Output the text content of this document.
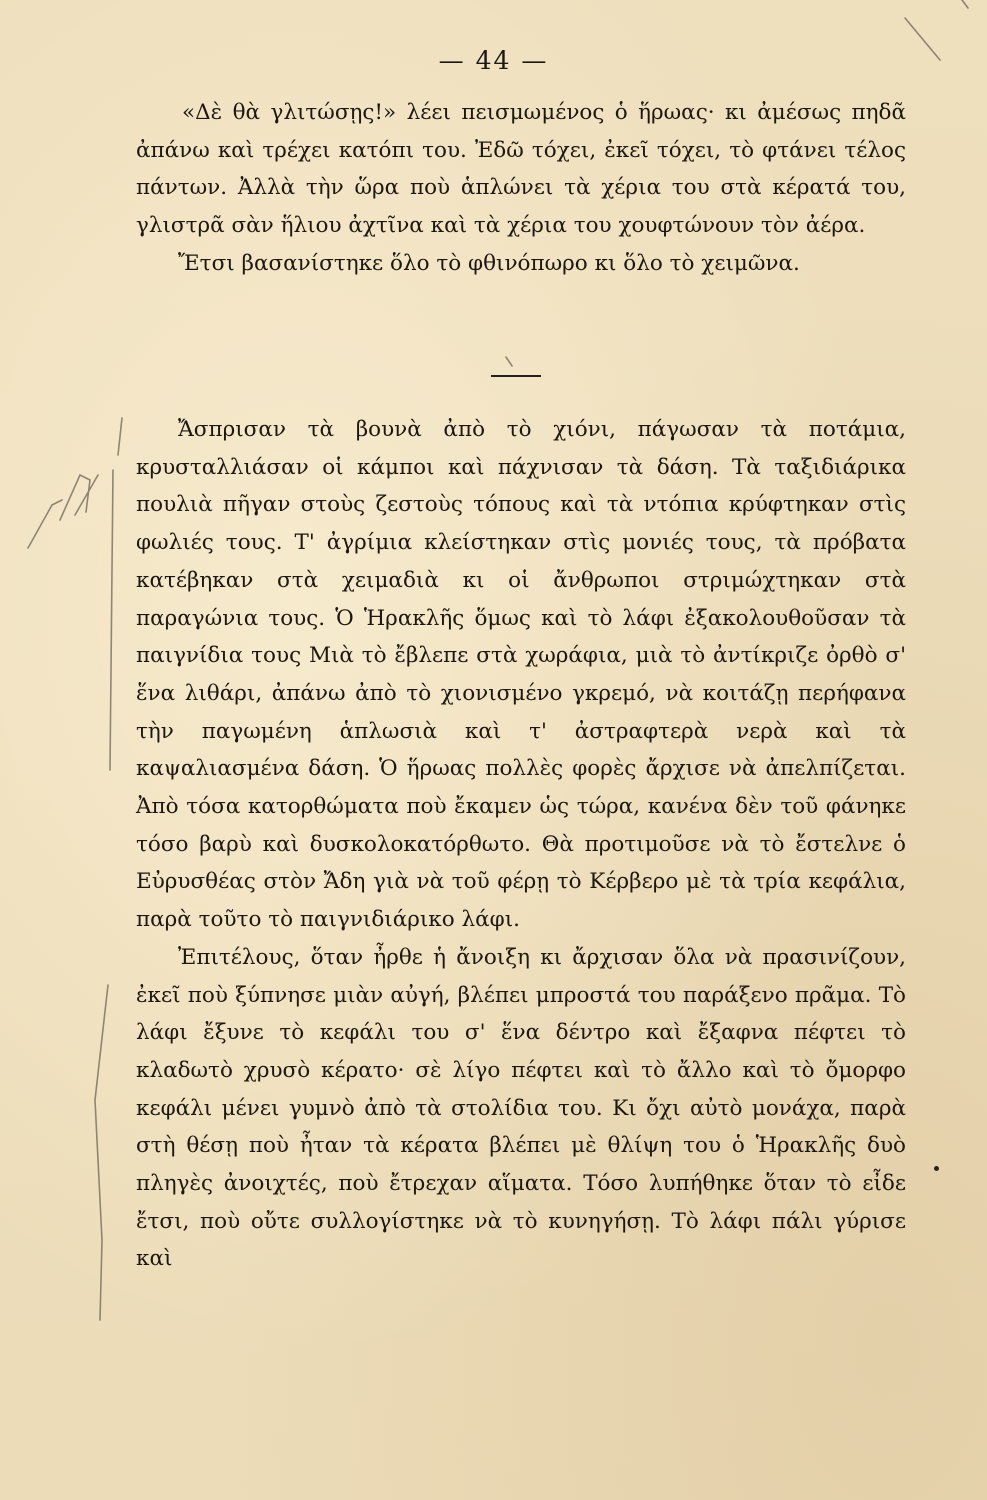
— 44 —

«Δὲ θὰ γλιτώσῃς!» λέει πεισμωμένος ὁ ἥρωας· κι ἀμέσως πηδᾶ ἀπάνω καὶ τρέχει κατόπι του. Ἐδῶ τόχει, ἐκεῖ τόχει, τὸ φτάνει τέλος πάντων. Ἀλλὰ τὴν ὥρα ποὺ ἁπλώνει τὰ χέρια του στὰ κέρατά του, γλιστρᾶ σὰν ἥλιου ἀχτῖνα καὶ τὰ χέρια του χουφτώνουν τὸν ἀέρα.

Ἔτσι βασανίστηκε ὅλο τὸ φθινόπωρο κι ὅλο τὸ χειμῶνα.

Ἄσπρισαν τὰ βουνὰ ἀπὸ τὸ χιόνι, πάγωσαν τὰ ποτάμια, κρυσταλλιάσαν οἱ κάμποι καὶ πάχνισαν τὰ δάση. Τὰ ταξιδιάρικα πουλιὰ πῆγαν στοὺς ζεστοὺς τόπους καὶ τὰ ντόπια κρύφτηκαν στὶς φωλιές τους. Τ' ἀγρίμια κλείστηκαν στὶς μονιές τους, τὰ πρόβατα κατέβηκαν στὰ χειμαδιὰ κι οἱ ἄνθρωποι στριμώχτηκαν στὰ παραγώνια τους. Ὁ Ἡρακλῆς ὅμως καὶ τὸ λάφι ἐξακολουθοῦσαν τὰ παιγνίδια τους Μιὰ τὸ ἔβλεπε στὰ χωράφια, μιὰ τὸ ἀντίκριζε ὀρθὸ σ' ἕνα λιθάρι, ἀπάνω ἀπὸ τὸ χιονισμένο γκρεμό, νὰ κοιτάζῃ περήφανα τὴν παγωμένη ἁπλωσιὰ καὶ τ' ἀστραφτερὰ νερὰ καὶ τὰ καψαλιασμένα δάση. Ὁ ἥρωας πολλὲς φορὲς ἄρχισε νὰ ἀπελπίζεται. Ἀπὸ τόσα κατορθώματα ποὺ ἔκαμεν ὡς τώρα, κανένα δὲν τοῦ φάνηκε τόσο βαρὺ καὶ δυσκολοκατόρθωτο. Θὰ προτιμοῦσε νὰ τὸ ἔστελνε ὁ Εὐρυσθέας στὸν Ἄδη γιὰ νὰ τοῦ φέρῃ τὸ Κέρβερο μὲ τὰ τρία κεφάλια, παρὰ τοῦτο τὸ παιγνιδιάρικο λάφι.

Ἐπιτέλους, ὅταν ἦρθε ἡ ἄνοιξη κι ἄρχισαν ὅλα νὰ πρασινίζουν, ἐκεῖ ποὺ ξύπνησε μιὰν αὐγή, βλέπει μπροστά του παράξενο πρᾶμα. Τὸ λάφι ἔξυνε τὸ κεφάλι του σ' ἕνα δέντρο καὶ ἔξαφνα πέφτει τὸ κλαδωτὸ χρυσὸ κέρατο· σὲ λίγο πέφτει καὶ τὸ ἄλλο καὶ τὸ ὄμορφο κεφάλι μένει γυμνὸ ἀπὸ τὰ στολίδια του. Κι ὄχι αὐτὸ μονάχα, παρὰ στὴ θέσῃ ποὺ ἦταν τὰ κέρατα βλέπει μὲ θλίψη του ὁ Ἡρακλῆς δυὸ πληγὲς ἀνοιχτές, ποὺ ἔτρεχαν αἵματα. Τόσο λυπήθηκε ὅταν τὸ εἶδε ἔτσι, ποὺ οὔτε συλλογίστηκε νὰ τὸ κυνηγήσῃ. Τὸ λάφι πάλι γύρισε καὶ
